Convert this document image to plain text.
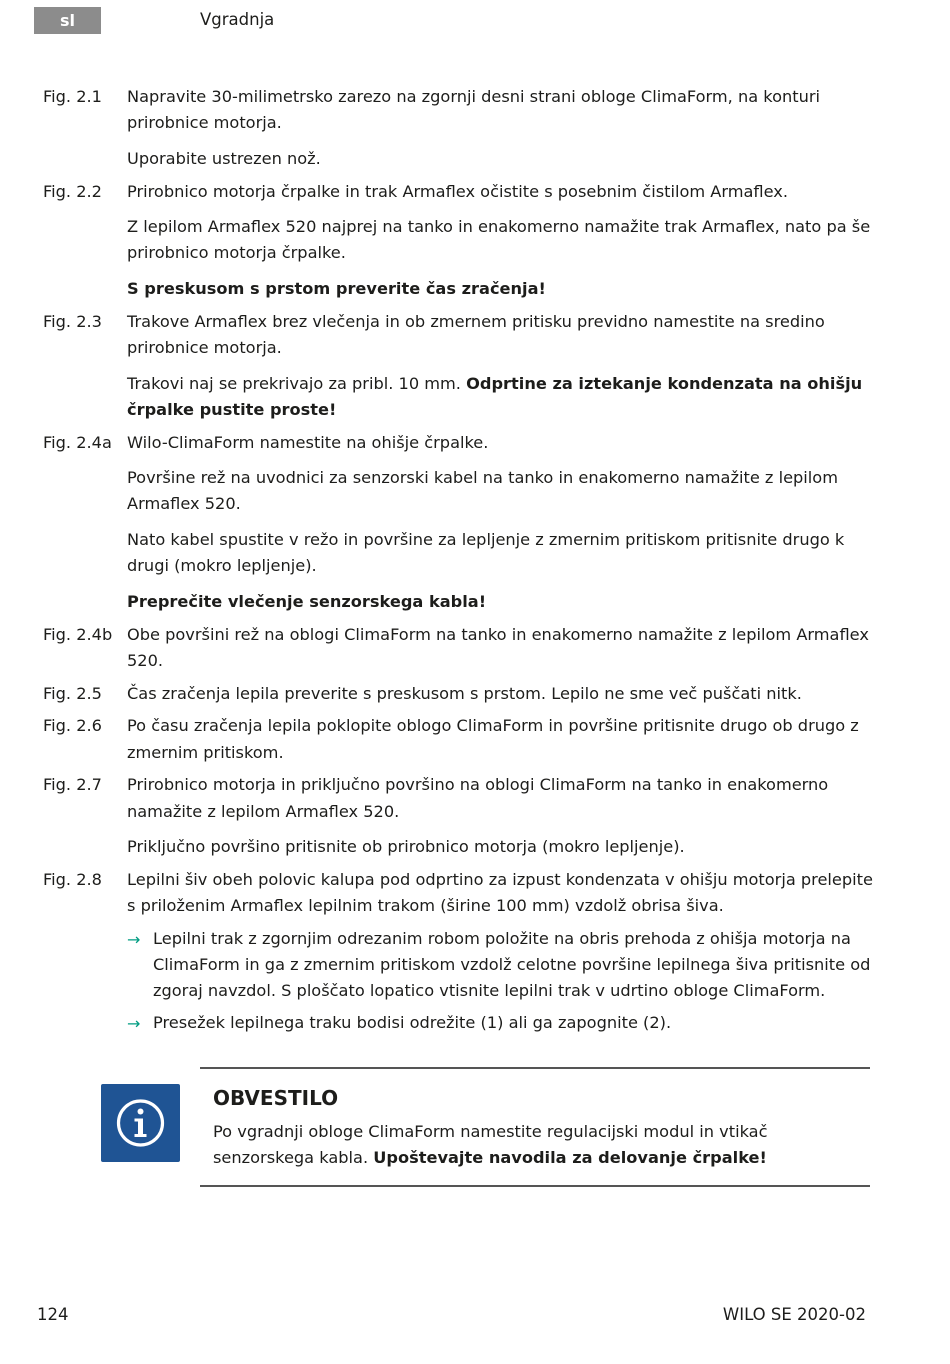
sl	Vgradnja
Fig. 2.1	Napravite 30-milimetrsko zarezo na zgornji desni strani obloge ClimaForm, na konturi prirobnice motorja.
Uporabite ustrezen nož.
Fig. 2.2	Prirobnico motorja črpalke in trak Armaflex očistite s posebnim čistilom Armaflex.
Z lepilom Armaflex 520 najprej na tanko in enakomerno namažite trak Armaflex, nato pa še prirobnico motorja črpalke.
S preskusom s prstom preverite čas zračenja!
Fig. 2.3	Trakove Armaflex brez vlečenja in ob zmernem pritisku previdno namestite na sredino prirobnice motorja.
Trakovi naj se prekrivajo za pribl. 10 mm. Odprtine za iztekanje kondenzata na ohišju črpalke pustite proste!
Fig. 2.4a Wilo-ClimaForm namestite na ohišje črpalke.
Površine rež na uvodnici za senzorski kabel na tanko in enakomerno namažite z lepilom Armaflex 520.
Nato kabel spustite v režo in površine za lepljenje z zmernim pritiskom pritisnite drugo k drugi (mokro lepljenje).
Preprečite vlečenje senzorskega kabla!
Fig. 2.4b Obe površini rež na oblogi ClimaForm na tanko in enakomerno namažite z lepilom Armaflex 520.
Fig. 2.5	Čas zračenja lepila preverite s preskusom s prstom. Lepilo ne sme več puščati nitk.
Fig. 2.6	Po času zračenja lepila poklopite oblogo ClimaForm in površine pritisnite drugo ob drugo z zmernim pritiskom.
Fig. 2.7	Prirobnico motorja in priključno površino na oblogi ClimaForm na tanko in enakomerno namažite z lepilom Armaflex 520.
Priključno površino pritisnite ob prirobnico motorja (mokro lepljenje).
Fig. 2.8	Lepilni šiv obeh polovic kalupa pod odprtino za izpust kondenzata v ohišju motorja prelepite s priloženim Armaflex lepilnim trakom (širine 100 mm) vzdolž obrisa šiva.
→ Lepilni trak z zgornjim odrezanim robom položite na obris prehoda z ohišja motorja na ClimaForm in ga z zmernim pritiskom vzdolž celotne površine lepilnega šiva pritisnite od zgoraj navzdol. S ploščato lopatico vtisnite lepilni trak v udrtino obloge ClimaForm.
→ Presežek lepilnega traku bodisi odrežite (1) ali ga zapognite (2).
OBVESTILO
Po vgradnji obloge ClimaForm namestite regulacijski modul in vtikač senzorskega kabla. Upoštevajte navodila za delovanje črpalke!
124	WILO SE 2020-02
